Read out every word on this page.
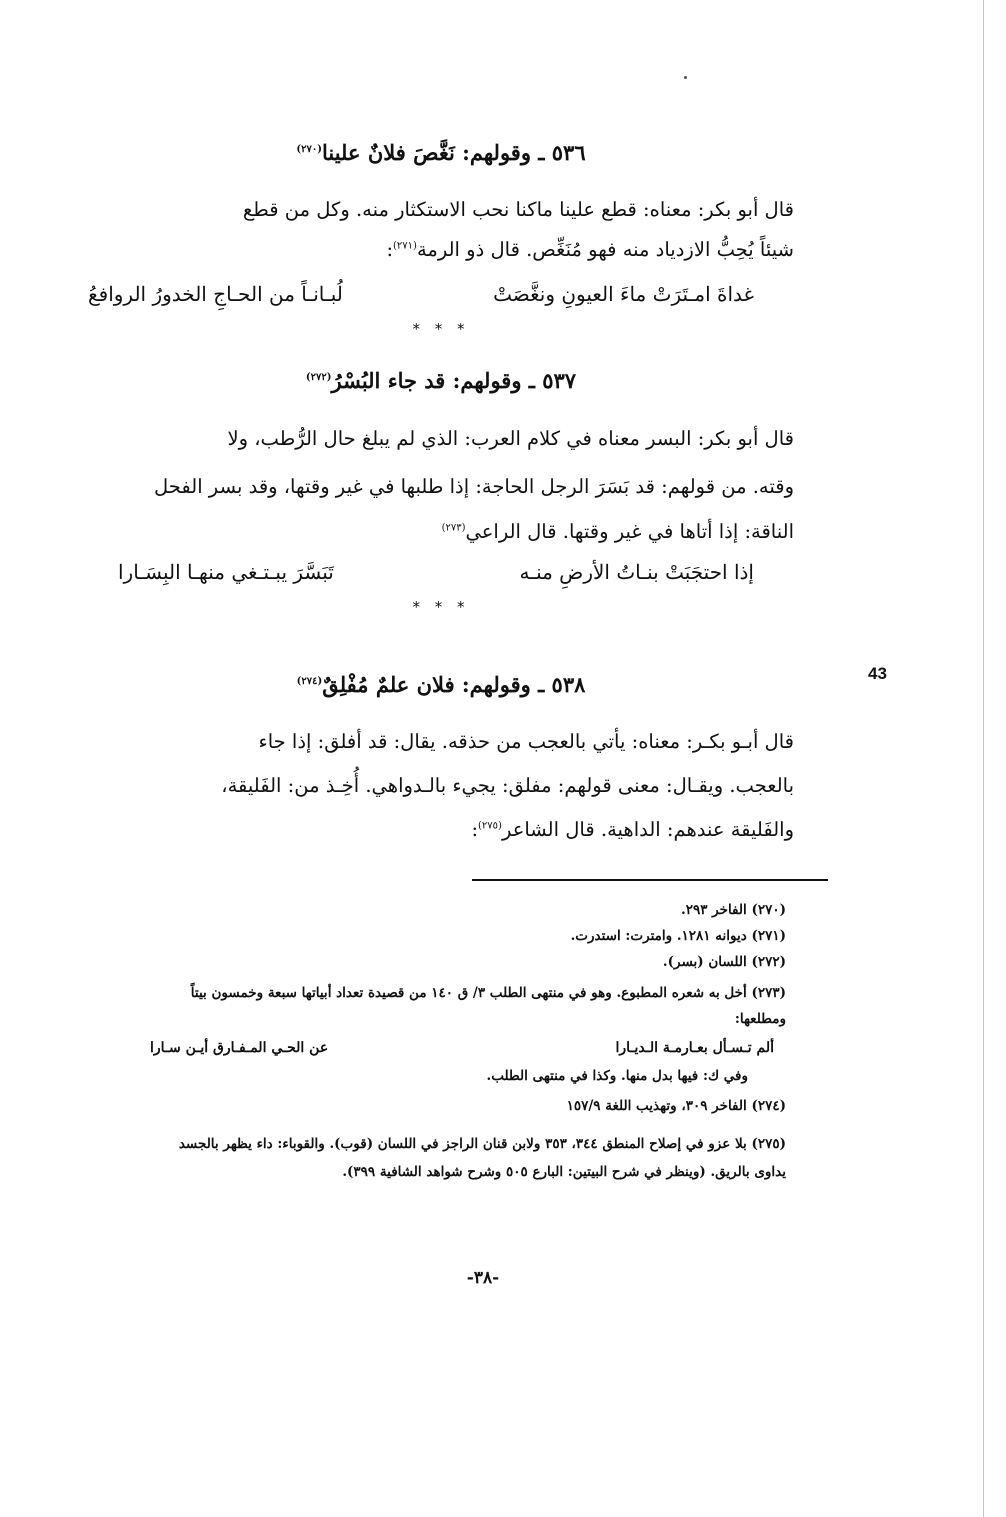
43
٥٣٦ ـ وقولهم: نَغَّصَ فلانٌ علينا$^{(٢٧٠)}$
قال أبو بكر: معناه: قطع علينا ماكنا نحب الاستكثار منه. وكل من قطع
شيئاً يُحِبُّ الازدياد منه فهو مُنَغِّص. قال ذو الرمة$^{(٢٧١)}$:
غداةَ امـتَرَتْ ماءَ العيونِ ونغَّصَتْ
لُبـانـاً من الحـاجِ الخدورُ الروافعُ
* * *
٥٣٧ ـ وقولهم: قد جاء البُسْرُ$^{(٢٧٢)}$
قال أبو بكر: البسر معناه في كلام العرب: الذي لم يبلغ حال الرُّطب، ولا
وقته. من قولهم: قد بَسَرَ الرجل الحاجة: إذا طلبها في غير وقتها، وقد بسر الفحل
الناقة: إذا أتاها في غير وقتها. قال الراعي$^{(٢٧٣)}$
إذا احتجَبَتْ بنـاتُ الأرضِ منـه
تَبَسَّرَ يبـتـغي منهـا البِسَـارا
* * *
٥٣٨ ـ وقولهم: فلان علمٌ مُفْلِقٌ$^{(٢٧٤)}$
قال أبـو بكـر: معناه: يأتي بالعجب من حذقه. يقال: قد أفلق: إذا جاء
بالعجب. ويقـال: معنى قولهم: مفلق: يجيء بالـدواهي. أُخِـذ من: الفَليقة،
والفَليقة عندهم: الداهية. قال الشاعر$^{(٢٧٥)}$:
(٢٧٠) الفاخر ٢٩٣.
(٢٧١) ديوانه ١٢٨١. وامترت: استدرت.
(٢٧٢) اللسان (بسر).
(٢٧٣) أخل به شعره المطبوع. وهو في منتهى الطلب ٣/ ق ١٤٠ من قصيدة تعداد أبياتها سبعة وخمسون بيتاً
ومطلعها:
ألم تـسـأل بعـارمـة الـديـارا
عن الحـي المـفـارق أيـن سـارا
وفي ك: فيها بدل منها. وكذا في منتهى الطلب.
(٢٧٤) الفاخر ٣٠٩، وتهذيب اللغة ١٥٧/٩
(٢٧٥) بلا عزو في إصلاح المنطق ٣٤٤، ٣٥٣ ولابن قنان الراجز في اللسان (قوب). والقوباء: داء يظهر بالجسد
يداوى بالريق. (وينظر في شرح البيتين: البارع ٥٠٥ وشرح شواهد الشافية ٣٩٩).
-٣٨-
